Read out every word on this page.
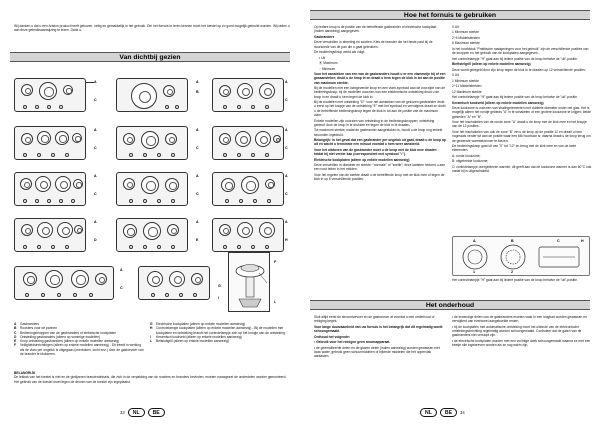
Wij danken u dat u een Ariston product heeft gekozen, veilig en gemakkelijk in het gebruik. Om het fornuis te leren kennen moet het toestel op zo goed mogelijk gebruikt worden. Wij raden u aan deze gebruiksaanwijzing te lezen. Dank u.
Van dichtbij gezien
A
C
A
B
A
C
A
C
A
C
A
C
A
C
A
C
A
C
A
D
A
E
A
H
A
C
F
L
G
I
A	Gasbranders
B	Roosters voor de pannen
C	Bedieningsknoppen van de gasbranders of elektrische kookplaten
D	Ontsteking gasbranders (alleen op sommige modellen)
E	Knop ontsteking gasbranders (alleen op enkele modellen aanwezig)
F	Veiligheidsinrichtingen (alleen op enkele modellen aanwezig) - Dit treedt in werking als de vlam per ongeluk is uitgegaan (overkoken, tocht enz.) door de gastoevoer van de brander te blokkeren.
G	Electrische kookplaten (alleen op enkele modellen aanwezig)
H	Controlelampje kookplaten (alleen op enkele modellen aanwezig) - Bij de modellen met kookplaten en ontsteking brandt het controlelampje zich op het knopje van de ontsteking.
I	Keramisch kookveld (alleen op enkele modellen aanwezig)
L	Beltsluitgrill (alleen op enkele modellen aanwezig)
BELANGRIJK
De lekbak van het toestel is niet en de gietijzeren branderdeksels, die zich in de verpakking van de roosters en branders bevinden, moeten nauwgezet de onderdelen worden gemonteerd. Het gebruik van de toestel moet tegen de deuren van de toestel zijn ingeplaatst.
33	NL	BE
Hoe het fornuis te gebruiken

Op iedere knop is de positie van de betreffende gasbrander of electrische kookplaat (indien aanwezig) aangegeven.

Gasbranders

Deze verschillen in afmeting en soorten. Kies de brander die het beste past bij de doorsnede van de pan die u gaat gebruiken.

De bedieningsknop werkt als volgt:

• Uit

⦿ Maximum

◌ Minimum

Voor het aansteken van een van de gasbranders houdt u er een vlammetje bij of een gasaansteker; drukt u de knop in en draait u hem tegen de klok in tot aan de positie van maximum sterkte.

Bij de modellen met een lichtgevende knop en een vlam-symbool aan de voorzijde van de bedieningsknop, bij de modellen voorzien van een elektronische ontsteking drukt u de knop in en draait u hem tegen de klok in.

Bij de modellen met ontsteking "D": voor het aansteken van de gekozen gasbrander drukt u eerst op het knopje van de ontsteking "E" met het symbool en vervolgens draait en drukt u de betreffende bedieningsknop tegen de klok in tot aan de positie van de maximum vlam.

Enkele modellen zijn voorzien van ontsteking in de bedieningsknoppen; ontsteking gebeurt door de knop in te drukken en tegen de klok in te draaien.

Tot maximum sterkte; nadat de gasbrander aangestoken is, houdt u de knop nog enkele seconden ingedrukt.

Belangrijk: In het geval dat een gasbrander per ongeluk uit gaat, draait u de knop op uit en wacht u tenminste een minuut voordat u hem weer aansteekt.

Voor het uitdoven van de gasbrander moet u de knop met de klok mee draaien totdat hij niet verder kan (correspondent met symbool "•").

Elektrische kookplaten (alleen op enkele modellen aanwezig)

Deze verschillen in diameter en sterkte: "normale" of "snelle"; deze laatsten herkent u aan een rood teken in het midden.

Voor het regelen van de sterkte draait u de betreffende knop met de klok mee of tegen de klok in op 6 verschillende posities:

0 Uit

1 Minimum sterkte

2÷5 Middelsterkten

6 Maximum sterkte

In het hoofdstuk "Praktische raadgevingen voor het gebruik" zijn de verschillende posities van de knoppen en het gebruik van de kookplaten aangegeven.

Het controlelampje "H" gaat aan bij iedere positie van de knop behalve de "uit"-positie.

Bleftstelgrill (alleen op enkele modellen aanwezig)

Deze wordt geregeld door zijn knop tegen de klok in te draaien op 12 verschillende posities:

0 Uit

1 Minimum sterkte

2÷11 Middelsterkten

12 Maximum sterkte

Het controlelampje "H" gaat aan bij iedere positie van de knop behalve de "uit"-positie.

Keramisch kookveld (alleen op enkele modellen aanwezig)

Deze kookzone is voorzien van stralingelementen met dubbele diameter onder het glas. Het is mogelijk alleen het rondje gebieds "A" in te schakelen of een grotere kookzone te krijgen; beide gebieden "A" en "B".

Voor het inschakelen van de ronde zone "A" draait u de knop met de klok mee en het knopje van de 12 posities.

Voor het inschakelen van ook de zone "B" zet u de knop op de positie 12 en draait u hem nogmaals verder tot aan de positie waar een klik hoorbaar is; daarna draait u de knop terug om de gewenste warmtetoevoer te kiezen.

De bedieningsknop gaat uit van "0" tot "12" en terug met de klok mee en van de twee elementen.

A: ronde kookzone;

B: uitgebreide kookzone;

C: controlelampje overgebleven warmte; dit geeft aan dat de kookzone warmer is dan 60°C ook nadat hij is uitgeschakeld.

A	B	C
1	2
H

Het controlelampje "H" gaat aan bij iedere positie van de knop behalve de "uit"-positie.

Het onderhoud

Sluit altijd eerst de stroomtoevoer en de gastoevoer af voordat u met onderhoud of reiniging begint.

Voor lange duurzaamheid van uw fornuis is het belangrijk dat dit regelmatig wordt schoongemaakt.

Onthoud het volgende:

• Gebruik voor het reinigen geen stoomapparaat.

• de geëmailleerde delen en de glazen delen (indien aanwezig) worden gewassen met lauw water, gebruik geen schuurmiddelen of bijtende middelen die het oppervlak aantasten.

• de inwendige delen van de gasbranders moeten vaak in een loogbad worden gewassen en verwijderd van eventueel aangekoekte resten.
• bij de kookplaten met automatische ontsteking moet het uiteinde van de electronische ontstekingsinrichting regelmatig worden schoongemaakt. Controleer dat de gaten van de gasbranders niet verstopt zijn.
• de electrische kookplaten worden met een vochtige doek schoongemaakt waarna ze met een beetje olie ingewreven worden als ze nog warm zijn.
NL	BE	34
